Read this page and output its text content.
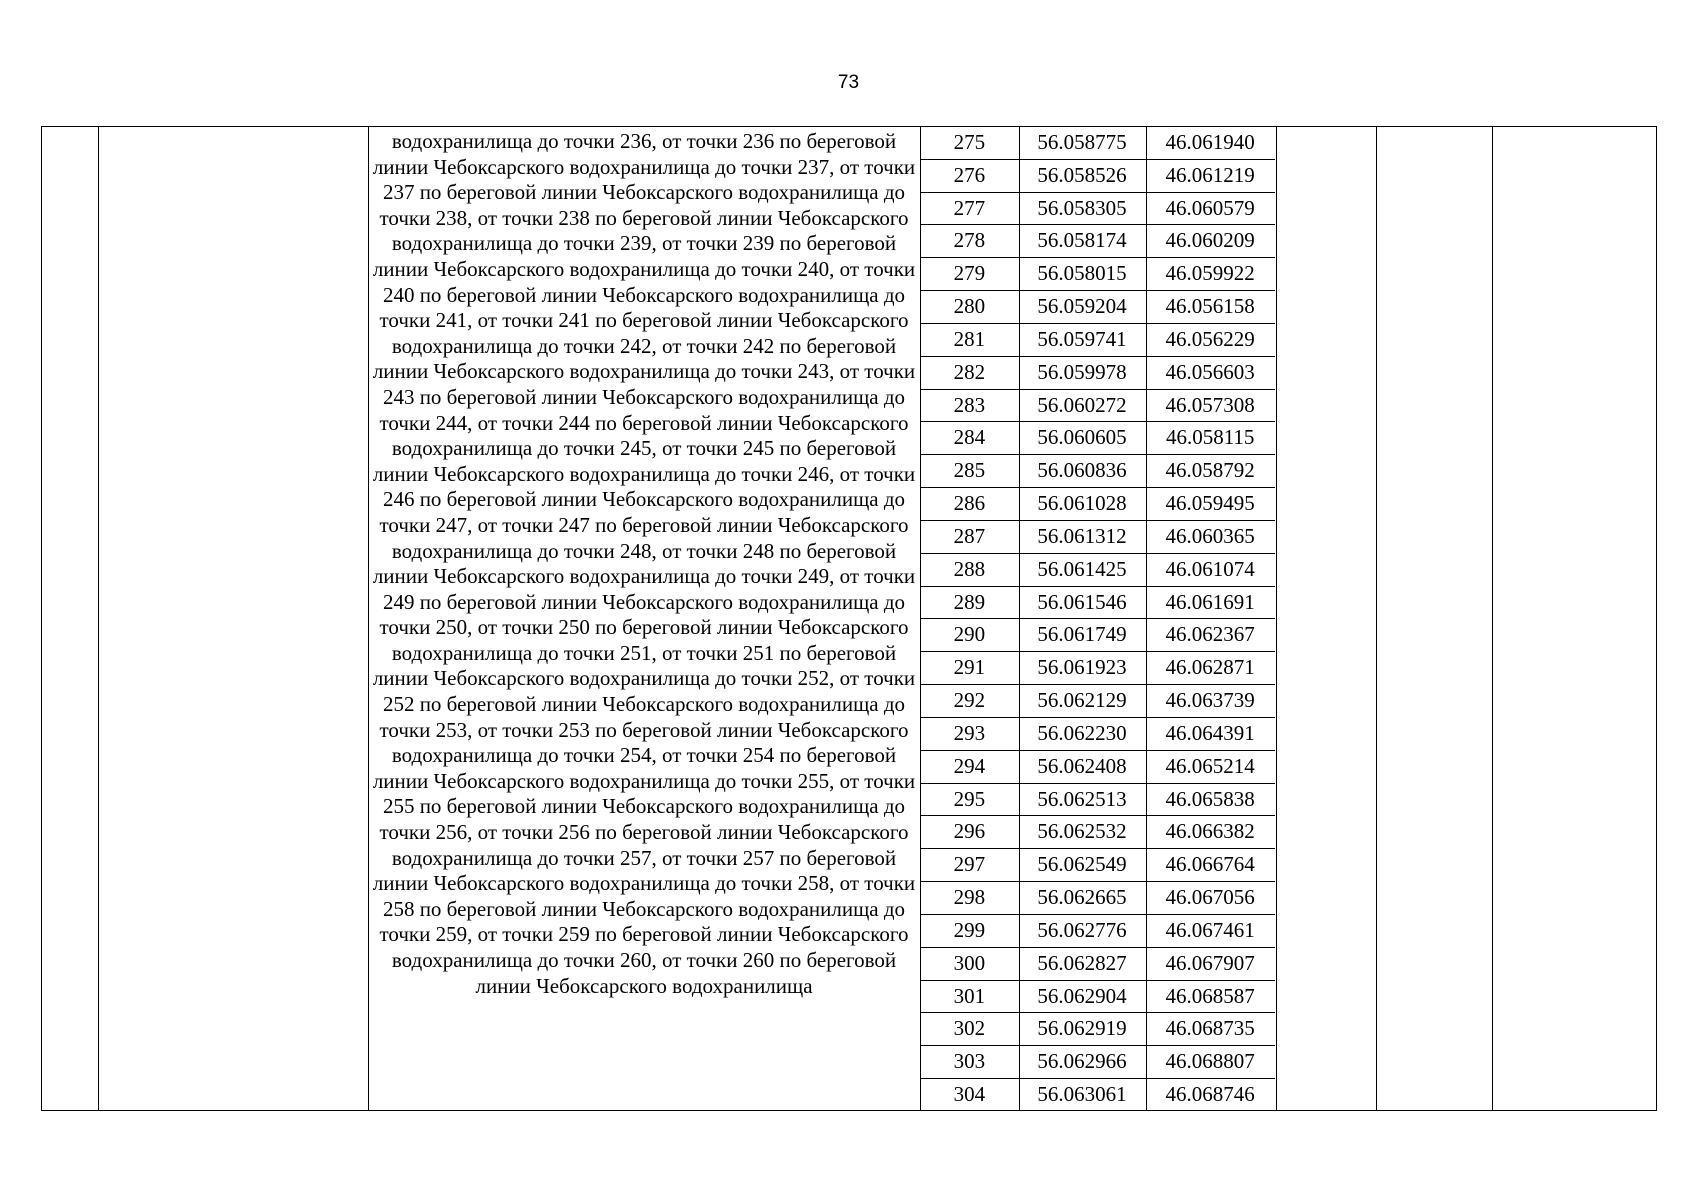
73
водохранилища до точки 236, от точки 236 по береговой линии Чебоксарского водохранилища до точки 237, от точки 237 по береговой линии Чебоксарского водохранилища до точки 238, от точки 238 по береговой линии Чебоксарского водохранилища до точки 239, от точки 239 по береговой линии Чебоксарского водохранилища до точки 240, от точки 240 по береговой линии Чебоксарского водохранилища до точки 241, от точки 241 по береговой линии Чебоксарского водохранилища до точки 242, от точки 242 по береговой линии Чебоксарского водохранилища до точки 243, от точки 243 по береговой линии Чебоксарского водохранилища до точки 244, от точки 244 по береговой линии Чебоксарского водохранилища до точки 245, от точки 245 по береговой линии Чебоксарского водохранилища до точки 246, от точки 246 по береговой линии Чебоксарского водохранилища до точки 247, от точки 247 по береговой линии Чебоксарского водохранилища до точки 248, от точки 248 по береговой линии Чебоксарского водохранилища до точки 249, от точки 249 по береговой линии Чебоксарского водохранилища до точки 250, от точки 250 по береговой линии Чебоксарского водохранилища до точки 251, от точки 251 по береговой линии Чебоксарского водохранилища до точки 252, от точки 252 по береговой линии Чебоксарского водохранилища до точки 253, от точки 253 по береговой линии Чебоксарского водохранилища до точки 254, от точки 254 по береговой линии Чебоксарского водохранилища до точки 255, от точки 255 по береговой линии Чебоксарского водохранилища до точки 256, от точки 256 по береговой линии Чебоксарского водохранилища до точки 257, от точки 257 по береговой линии Чебоксарского водохранилища до точки 258, от точки 258 по береговой линии Чебоксарского водохранилища до точки 259, от точки 259 по береговой линии Чебоксарского водохранилища до точки 260, от точки 260 по береговой линии Чебоксарского водохранилища
275	56.058775	46.061940
276	56.058526	46.061219
277	56.058305	46.060579
278	56.058174	46.060209
279	56.058015	46.059922
280	56.059204	46.056158
281	56.059741	46.056229
282	56.059978	46.056603
283	56.060272	46.057308
284	56.060605	46.058115
285	56.060836	46.058792
286	56.061028	46.059495
287	56.061312	46.060365
288	56.061425	46.061074
289	56.061546	46.061691
290	56.061749	46.062367
291	56.061923	46.062871
292	56.062129	46.063739
293	56.062230	46.064391
294	56.062408	46.065214
295	56.062513	46.065838
296	56.062532	46.066382
297	56.062549	46.066764
298	56.062665	46.067056
299	56.062776	46.067461
300	56.062827	46.067907
301	56.062904	46.068587
302	56.062919	46.068735
303	56.062966	46.068807
304	56.063061	46.068746
